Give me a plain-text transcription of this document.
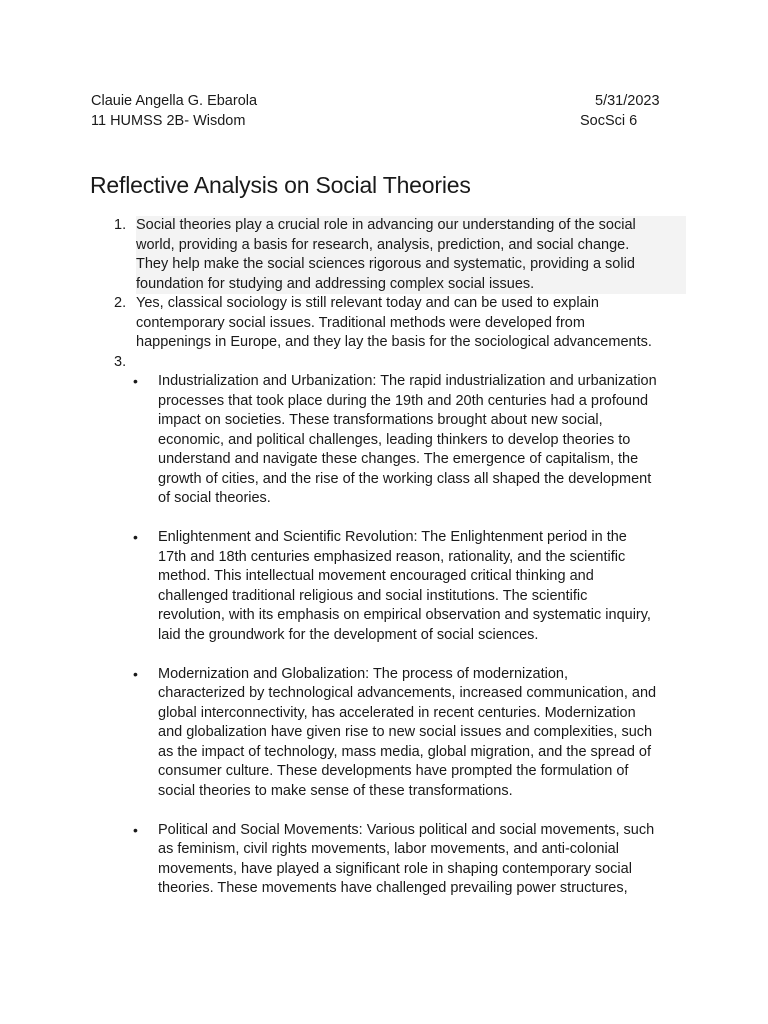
Clauie Angella G. Ebarola	5/31/2023
11 HUMSS 2B- Wisdom	SocSci 6
Reflective Analysis on Social Theories
1. Social theories play a crucial role in advancing our understanding of the social
world, providing a basis for research, analysis, prediction, and social change.
They help make the social sciences rigorous and systematic, providing a solid
foundation for studying and addressing complex social issues.
2. Yes, classical sociology is still relevant today and can be used to explain
contemporary social issues. Traditional methods were developed from
happenings in Europe, and they lay the basis for the sociological advancements.
3.

•	Industrialization and Urbanization: The rapid industrialization and urbanization
processes that took place during the 19th and 20th centuries had a profound
impact on societies. These transformations brought about new social,
economic, and political challenges, leading thinkers to develop theories to
understand and navigate these changes. The emergence of capitalism, the
growth of cities, and the rise of the working class all shaped the development
of social theories.
•	Enlightenment and Scientific Revolution: The Enlightenment period in the
17th and 18th centuries emphasized reason, rationality, and the scientific
method. This intellectual movement encouraged critical thinking and
challenged traditional religious and social institutions. The scientific
revolution, with its emphasis on empirical observation and systematic inquiry,
laid the groundwork for the development of social sciences.
•	Modernization and Globalization: The process of modernization,
characterized by technological advancements, increased communication, and
global interconnectivity, has accelerated in recent centuries. Modernization
and globalization have given rise to new social issues and complexities, such
as the impact of technology, mass media, global migration, and the spread of
consumer culture. These developments have prompted the formulation of
social theories to make sense of these transformations.
•	Political and Social Movements: Various political and social movements, such
as feminism, civil rights movements, labor movements, and anti-colonial
movements, have played a significant role in shaping contemporary social
theories. These movements have challenged prevailing power structures,
